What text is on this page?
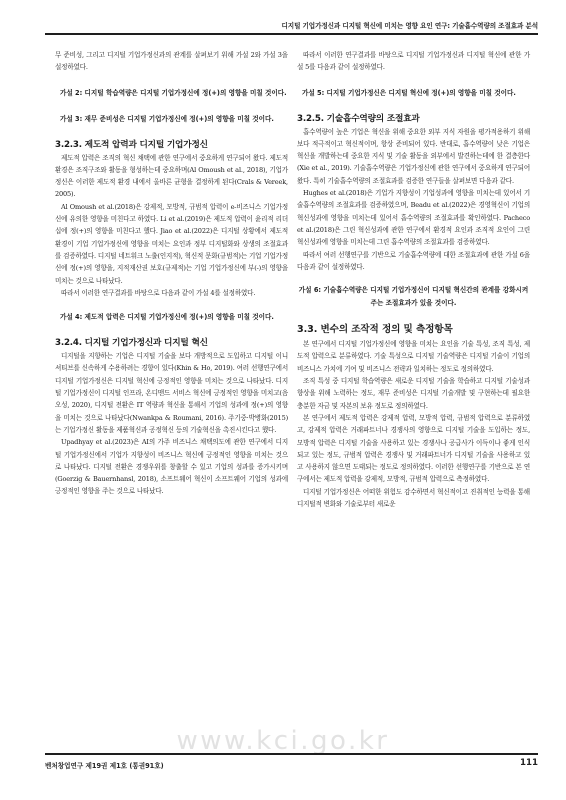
디지털 기업가정신과 디지털 혁신에 미치는 영향 요인 연구: 기술흡수역량의 조절효과 분석

무 준비성, 그리고 디지털 기업가정신과의 관계를 살펴보기 위해 가설 2와 가설 3을 설정하였다.

가설 2: 디지털 학습역량은 디지털 기업가정신에 정(+)의 영향을 미칠 것이다.

가설 3: 재무 준비성은 디지털 기업가정신에 정(+)의 영향을 미칠 것이다.

3.2.3. 제도적 압력과 디지털 기업가정신

제도적 압력은 조직의 혁신 채택에 관한 연구에서 중요하게 연구되어 왔다. 제도적 환경은 조직구조와 활동을 형성하는데 중요하며(Al Omoush et al., 2018), 기업가정신은 이러한 제도적 환경 내에서 올바른 균형을 결정하게 된다(Crals & Vereek, 2005).

Al Omoush et al.(2018)은 강제적, 모방적, 규범적 압력이 e-비즈니스 기업가정신에 유의한 영향을 미친다고 하였다. Li et al.(2019)은 제도적 압력이 윤리적 리더십에 정(+)의 영향을 미친다고 했다. Jiao et al.(2022)은 디지털 상황에서 제도적 환경이 기업 기업가정신에 영향을 미치는 요인과 정부 디지털화와 상생의 조절효과를 검증하였다. 디지털 네트워크 노출(인지적), 혁신적 문화(규범적)는 기업 기업가정신에 정(+)의 영향을, 지적재산권 보호(규제적)는 기업 기업가정신에 부(-)의 영향을 미치는 것으로 나타났다.

따라서 이러한 연구결과를 바탕으로 다음과 같이 가설 4를 설정하였다.

가설 4: 제도적 압력은 디지털 기업가정신에 정(+)의 영향을 미칠 것이다.

3.2.4. 디지털 기업가정신과 디지털 혁신

디지털을 지향하는 기업은 디지털 기술을 보다 개방적으로 도입하고 디지털 이니셔티브를 신속하게 수용하려는 경향이 있다(Khin & Ho, 2019). 여러 선행연구에서 디지털 기업가정신은 디지털 혁신에 긍정적인 영향을 미치는 것으로 나타났다. 디지털 기업가정신이 디지털 인프라, 온디맨드 서비스 혁신에 긍정적인 영향을 미치고(음오성, 2020), 디지털 전환은 IT 역량과 혁신을 통해서 기업의 성과에 정(+)의 영향을 미치는 것으로 나타났다(Nwankpa & Roumani, 2016). 주기중·박병화(2015)는 기업가정신 활동을 제품혁신과 공정혁신 등의 기술혁신을 촉진시킨다고 했다.

Upadhyay et al.(2023)은 AI의 가주 비즈니스 채택의도에 관한 연구에서 디지털 기업가정신에서 기업가 지향성이 비즈니스 혁신에 긍정적인 영향을 미치는 것으로 나타났다. 디지털 전환은 경쟁우위를 창출할 수 있고 기업의 성과를 증가시키며(Goerzig & Bauernhansl, 2018), 소프트웨어 혁신이 소프트웨어 기업의 성과에 긍정적인 영향을 주는 것으로 나타났다.

따라서 이러한 연구결과를 바탕으로 디지털 기업가정신과 디지털 혁신에 관한 가설 5를 다음과 같이 설정하였다.

가설 5: 디지털 기업가정신은 디지털 혁신에 정(+)의 영향을 미칠 것이다.

3.2.5. 기술흡수역량의 조절효과

흡수역량이 높은 기업은 혁신을 위해 중요한 외부 지식 자원을 평가적용하기 위해 보다 적극적이고 혁신적이며, 항상 준비되어 있다. 반대로, 흡수역량이 낮은 기업은 혁신을 개발하는데 중요한 지식 및 기술 활동을 외부에서 발견하는데에 한 결층한다(Xie et al., 2019). 기술흡수역량은 기업가정신에 관한 연구에서 중요하게 연구되어 왔다. 특히 기술흡수역량의 조절효과를 검증한 연구들을 살펴보면 다음과 같다.

Hughes et al.(2018)은 기업가 지향성이 기업성과에 영향을 미치는데 있어서 기술흡수역량의 조절효과를 검증하였으며, Beadu et al.(2022)은 경영혁신이 기업의 혁신성과에 영향을 미치는데 있어서 흡수역량의 조절효과를 확인하였다. Pacheco et al.(2018)은 그린 혁신성과에 관한 연구에서 환경적 요인과 조직적 요인이 그린 혁신성과에 영향을 미치는데 그린 흡수역량의 조절효과를 검증하였다.

따라서 여러 선행연구를 기반으로 기술흡수역량에 대한 조절효과에 관한 가설 6을 다음과 같이 설정하였다.

가설 6: 기술흡수역량은 디지털 기업가정신이 디지털 혁신간의 관계를 강화시켜주는 조절효과가 있을 것이다.

3.3. 변수의 조작적 정의 및 측정항목

본 연구에서 디지털 기업가정신에 영향을 미치는 요인을 기술 특성, 조직 특성, 제도적 압력으로 분류하였다. 기술 특성으로 디지털 기술역량은 디지털 기술이 기업의 비즈니스 가치에 기여 및 비즈니스 전략과 일치하는 정도로 정의하였다.

조직 특성 중 디지털 학습역량은 새로운 디지털 기술을 학습하고 디지털 기술성과 향상을 위해 노력하는 정도, 재무 준비성은 디지털 기술개발 및 구현하는데 필요한 충분한 자금 및 자본의 보유 정도로 정의하였다.

본 연구에서 제도적 압력은 강제적 압력, 모방적 압력, 규범적 압력으로 분류하였고, 강제적 압력은 거래파트너나 경쟁사의 영향으로 디지털 기술을 도입하는 정도, 모방적 압력은 디지털 기술을 사용하고 있는 경쟁사나 공급사가 이득이나 좋게 인식되고 있는 정도, 규범적 압력은 경쟁사 및 거래파트너가 디지털 기술을 사용하고 있고 사용하지 않으면 도태되는 정도로 정의하였다. 이러한 선행연구를 기반으로 본 연구에서는 제도적 압력을 강제적, 모방적, 규범적 압력으로 측정하였다.

디지털 기업가정신은 어떠한 위험도 감수하면서 혁신적이고 진취적인 능력을 통해 디지털적 변화와 기술로부터 새로운

www.kci.go.kr
벤처창업연구 제19권 제1호 (통권91호)	111
